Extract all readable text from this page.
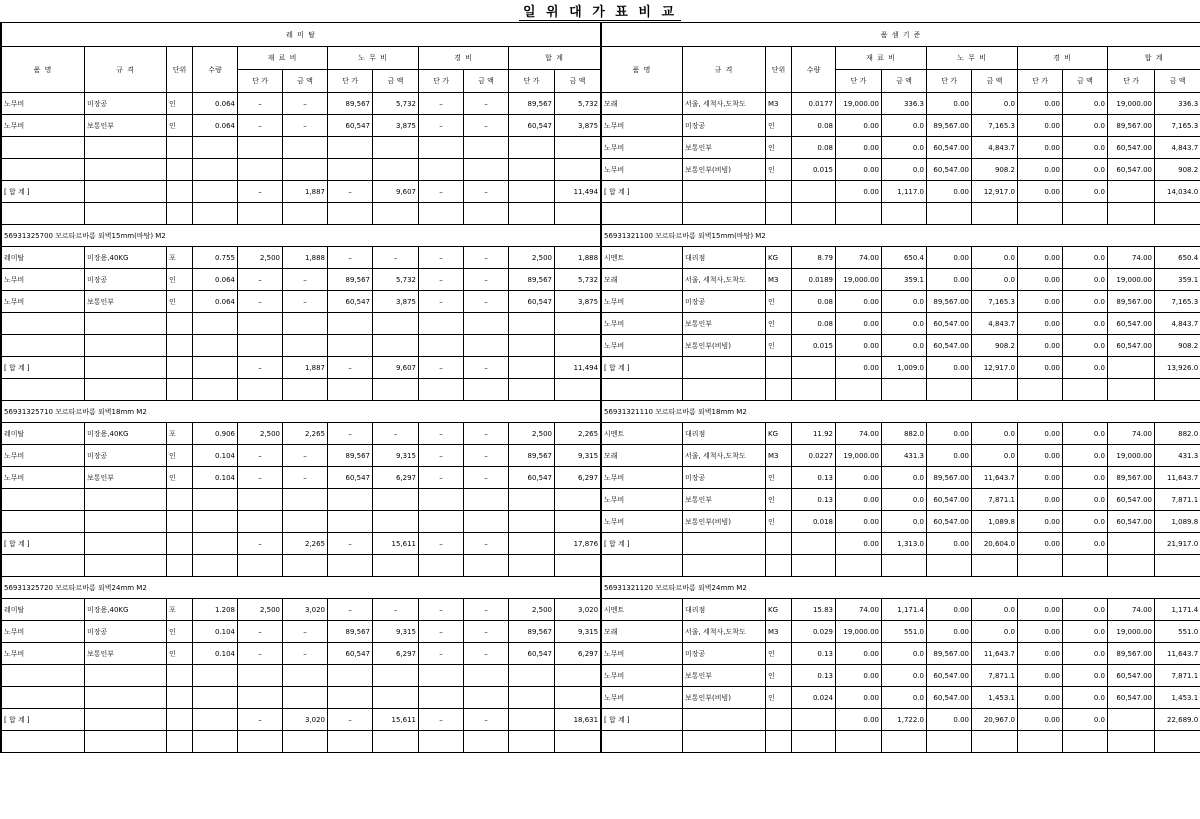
일 위 대 가 표 비 교
레 미 탈											
품 명	규 격	단위	수량	재 료 비		노 무 비		경 비		합 계	
				단 가	금 액	단 가	금 액	단 가	금 액	단 가	금 액
노무비	미장공	인	0.064	–	–	89,567	5,732	–	–	89,567	5,732
노무비	보통인부	인	0.064	–	–	60,547	3,875	–	–	60,547	3,875

[ 합 계 ]				–	1,887	–	9,607	–	–		11,494

56931325700 모르타르바름 외벽15mm(바탕) M2											
레미탈	미장용,40KG	포	0.755	2,500	1,888	–	–	–	–	2,500	1,888
노무비	미장공	인	0.064	–	–	89,567	5,732	–	–	89,567	5,732
노무비	보통인부	인	0.064	–	–	60,547	3,875	–	–	60,547	3,875

[ 합 계 ]				–	1,887	–	9,607	–	–		11,494

56931325710 모르타르바름 외벽18mm M2											
레미탈	미장용,40KG	포	0.906	2,500	2,265	–	–	–	–	2,500	2,265
노무비	미장공	인	0.104	–	–	89,567	9,315	–	–	89,567	9,315
노무비	보통인부	인	0.104	–	–	60,547	6,297	–	–	60,547	6,297

[ 합 계 ]				–	2,265	–	15,611	–	–		17,876

56931325720 모르타르바름 외벽24mm M2											
레미탈	미장용,40KG	포	1.208	2,500	3,020	–	–	–	–	2,500	3,020
노무비	미장공	인	0.104	–	–	89,567	9,315	–	–	89,567	9,315
노무비	보통인부	인	0.104	–	–	60,547	6,297	–	–	60,547	6,297

[ 합 계 ]				–	3,020	–	15,611	–	–		18,631

품 셈 기 준											
품 명	규 격	단위	수량	재 료 비		노 무 비		경 비		합 계	
				단 가	금 액	단 가	금 액	단 가	금 액	단 가	금 액
모래	서울, 세척사,도착도	M3	0.0177	19,000.00	336.3	0.00	0.0	0.00	0.0	19,000.00	336.3
노무비	미장공	인	0.08	0.00	0.0	89,567.00	7,165.3	0.00	0.0	89,567.00	7,165.3
노무비	보통인부	인	0.08	0.00	0.0	60,547.00	4,843.7	0.00	0.0	60,547.00	4,843.7
노무비	보통인부(비빔)	인	0.015	0.00	0.0	60,547.00	908.2	0.00	0.0	60,547.00	908.2
[ 합 계 ]				0.00	1,117.0	0.00	12,917.0	0.00	0.0		14,034.0

56931321100 모르타르바름 외벽15mm(바탕) M2											
시멘트	대리점	KG	8.79	74.00	650.4	0.00	0.0	0.00	0.0	74.00	650.4
모래	서울, 세척사,도착도	M3	0.0189	19,000.00	359.1	0.00	0.0	0.00	0.0	19,000.00	359.1
노무비	미장공	인	0.08	0.00	0.0	89,567.00	7,165.3	0.00	0.0	89,567.00	7,165.3
노무비	보통인부	인	0.08	0.00	0.0	60,547.00	4,843.7	0.00	0.0	60,547.00	4,843.7
노무비	보통인부(비빔)	인	0.015	0.00	0.0	60,547.00	908.2	0.00	0.0	60,547.00	908.2
[ 합 계 ]				0.00	1,009.0	0.00	12,917.0	0.00	0.0		13,926.0

56931321110 모르타르바름 외벽18mm M2											
시멘트	대리점	KG	11.92	74.00	882.0	0.00	0.0	0.00	0.0	74.00	882.0
모래	서울, 세척사,도착도	M3	0.0227	19,000.00	431.3	0.00	0.0	0.00	0.0	19,000.00	431.3
노무비	미장공	인	0.13	0.00	0.0	89,567.00	11,643.7	0.00	0.0	89,567.00	11,643.7
노무비	보통인부	인	0.13	0.00	0.0	60,547.00	7,871.1	0.00	0.0	60,547.00	7,871.1
노무비	보통인부(비빔)	인	0.018	0.00	0.0	60,547.00	1,089.8	0.00	0.0	60,547.00	1,089.8
[ 합 계 ]				0.00	1,313.0	0.00	20,604.0	0.00	0.0		21,917.0

56931321120 모르타르바름 외벽24mm M2											
시멘트	대리점	KG	15.83	74.00	1,171.4	0.00	0.0	0.00	0.0	74.00	1,171.4
모래	서울, 세척사,도착도	M3	0.029	19,000.00	551.0	0.00	0.0	0.00	0.0	19,000.00	551.0
노무비	미장공	인	0.13	0.00	0.0	89,567.00	11,643.7	0.00	0.0	89,567.00	11,643.7
노무비	보통인부	인	0.13	0.00	0.0	60,547.00	7,871.1	0.00	0.0	60,547.00	7,871.1
노무비	보통인부(비빔)	인	0.024	0.00	0.0	60,547.00	1,453.1	0.00	0.0	60,547.00	1,453.1
[ 합 계 ]				0.00	1,722.0	0.00	20,967.0	0.00	0.0		22,689.0
